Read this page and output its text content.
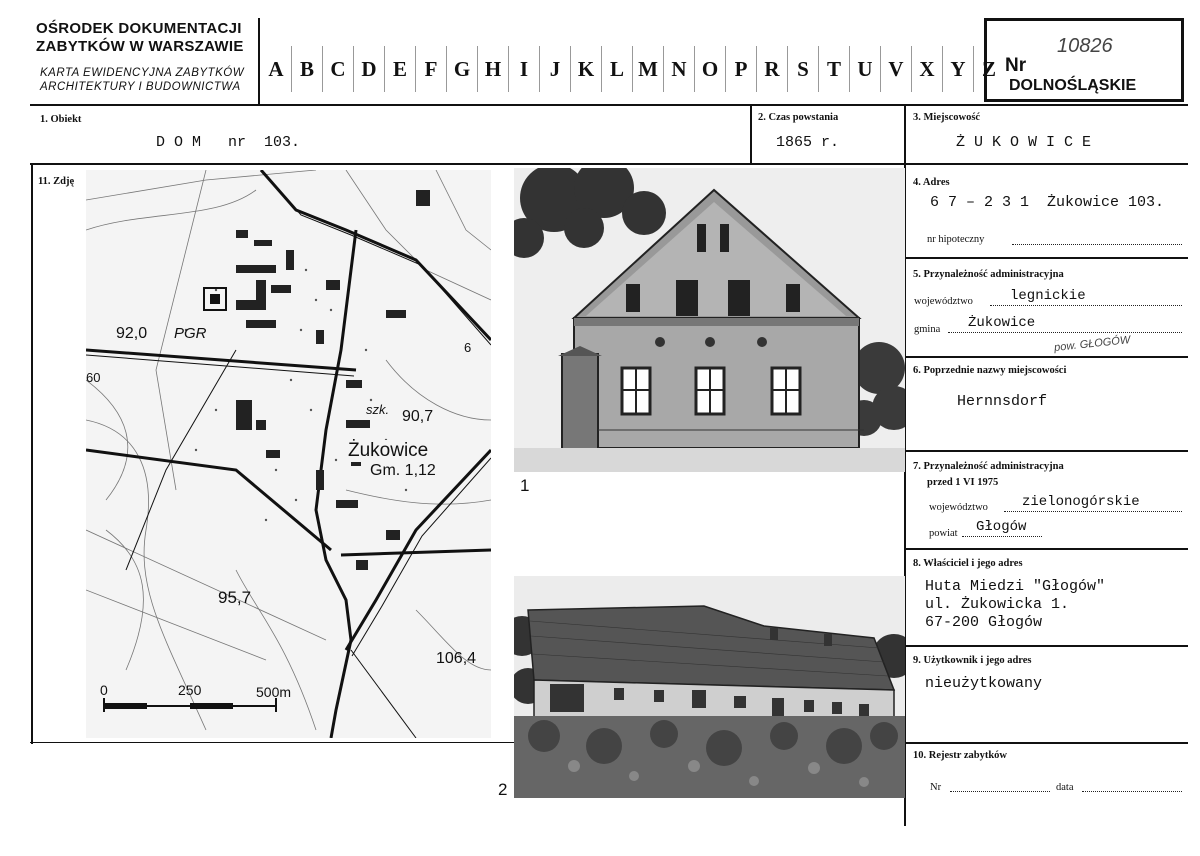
OŚRODEK DOKUMENTACJI
ZABYTKÓW W WARSZAWIE
KARTA EWIDENCYJNA ZABYTKÓW
ARCHITEKTURY I BUDOWNICTWA
A B C D E F G H I	J K L M N O P R S T U V X Y Z Nr
10826
DOLNOŚLĄSKIE
1. Obiekt
D O M   nr  103.
2. Czas powstania
1865 r.
3. Miejscowość
Ż U K O W I C E
4. Adres
6 7 – 2 3 1  Żukowice 103.
nr hipoteczny
5. Przynależność administracyjna
województwo	legnickie
gmina Żukowice
pow. GŁOGÓW
6. Poprzednie nazwy miejscowości
Hernnsdorf
7. Przynależność administracyjna
przed 1 VI 1975
województwo zielonogórskie
powiat Głogów
8. Właściciel i jego adres
Huta Miedzi "Głogów"
ul. Żukowicka 1.
67-200 Głogów
9. Użytkownik i jego adres
nieużytkowany
10. Rejestr zabytków
Nr	data
11. Zdję
92,0 PGR
szk. 90,7
Żukowice
Gm. 1,12
95,7
106,4
6
60
0	250	500m
1
2
